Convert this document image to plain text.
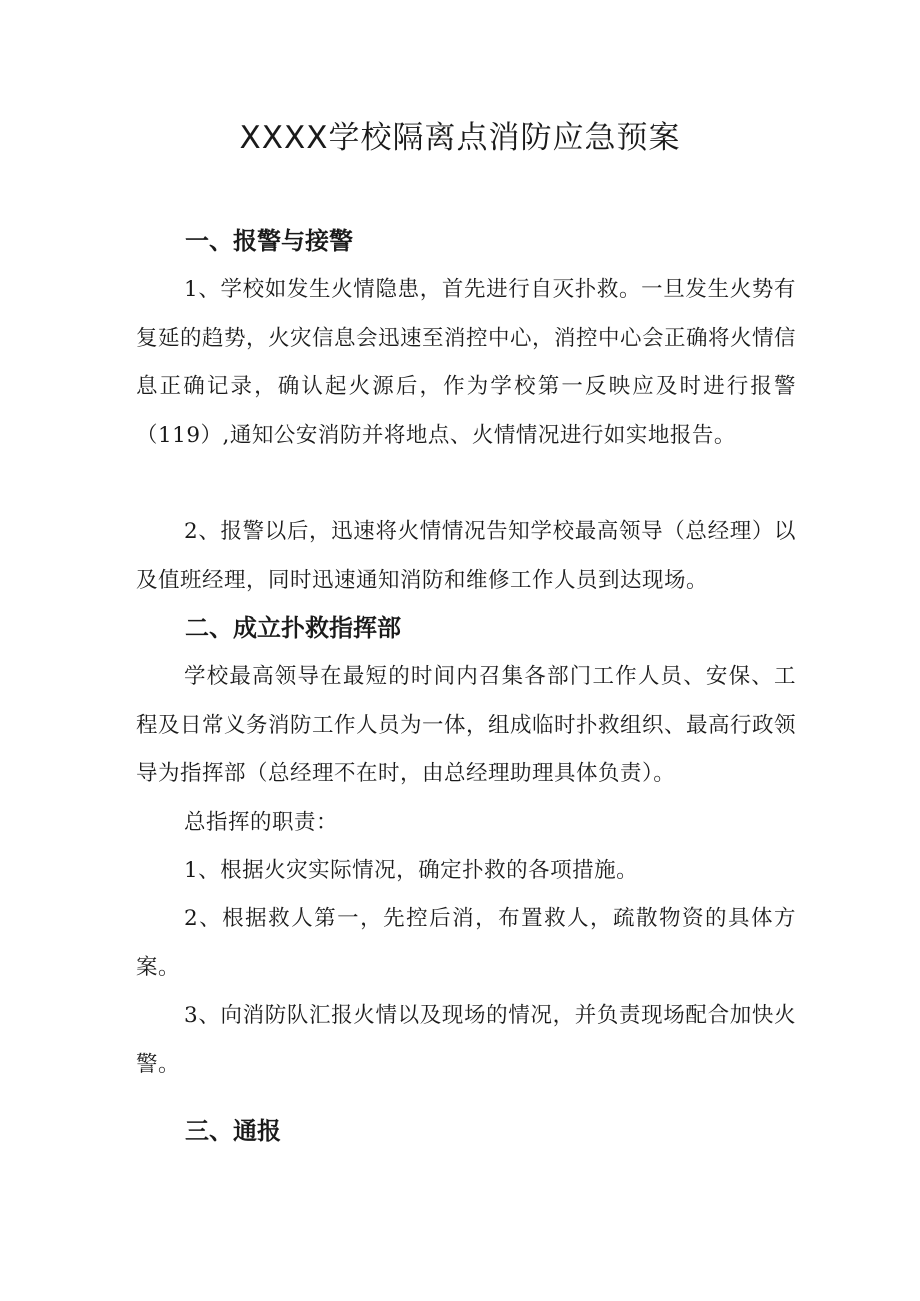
XXXX学校隔离点消防应急预案
一、报警与接警
1、学校如发生火情隐患，首先进行自灭扑救。一旦发生火势有复延的趋势，火灾信息会迅速至消控中心，消控中心会正确将火情信息正确记录，确认起火源后，作为学校第一反映应及时进行报警（119）,通知公安消防并将地点、火情情况进行如实地报告。
2、报警以后，迅速将火情情况告知学校最高领导（总经理）以及值班经理，同时迅速通知消防和维修工作人员到达现场。
二、成立扑救指挥部
学校最高领导在最短的时间内召集各部门工作人员、安保、工程及日常义务消防工作人员为一体，组成临时扑救组织、最高行政领导为指挥部（总经理不在时，由总经理助理具体负责）。
总指挥的职责：
1、根据火灾实际情况，确定扑救的各项措施。
2、根据救人第一，先控后消，布置救人，疏散物资的具体方案。
3、向消防队汇报火情以及现场的情况，并负责现场配合加快火警。
三、通报
